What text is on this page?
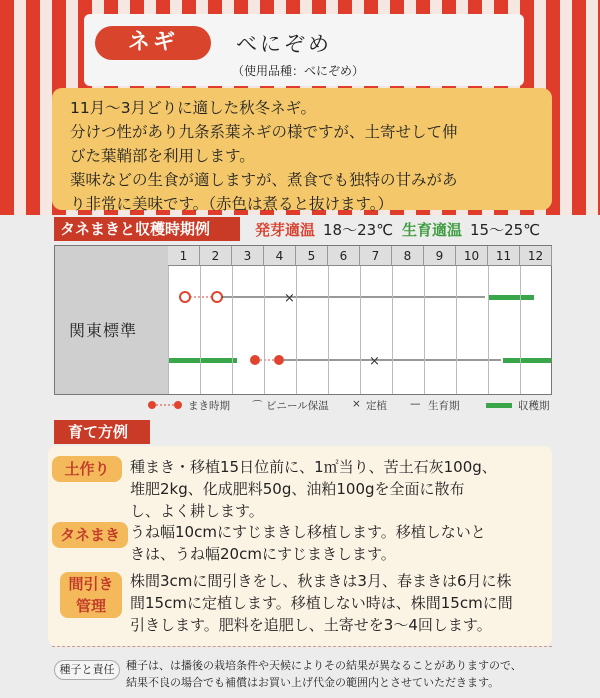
ネギ	べにぞめ
（使用品種：べにぞめ）
11月〜3月どりに適した秋冬ネギ。
分けつ性があり九条系葉ネギの様ですが、土寄せして伸
びた葉鞘部を利用します。
薬味などの生食が適しますが、煮食でも独特の甘みがあ
り非常に美味です。（赤色は煮ると抜けます。）
タネまきと収穫時期例	発芽適温 18〜23℃ 生育適温 15〜25℃
関東標準
1	2	3	4	5	6	7	8	9	10	11	12
×
×
まき時期 ⌒ ビニール保温 × 定植 — 生育期	収穫期
育て方例
土作り	種まき・移植15日位前に、1㎡当り、苦土石灰100g、
堆肥2kg、化成肥料50g、油粕100gを全面に散布
し、よく耕します。
タネまき うね幅10cmにすじまきし移植します。移植しないと
きは、うね幅20cmにすじまきします。
間引き
管理
株間3cmに間引きをし、秋まきは3月、春まきは6月に株
間15cmに定植します。移植しない時は、株間15cmに間
引きします。肥料を追肥し、土寄せを3〜4回します。
種子と責任	種子は、は播後の栽培条件や天候によりその結果が異なることがありますので、
結果不良の場合でも補償はお買い上げ代金の範囲内とさせていただきます。
